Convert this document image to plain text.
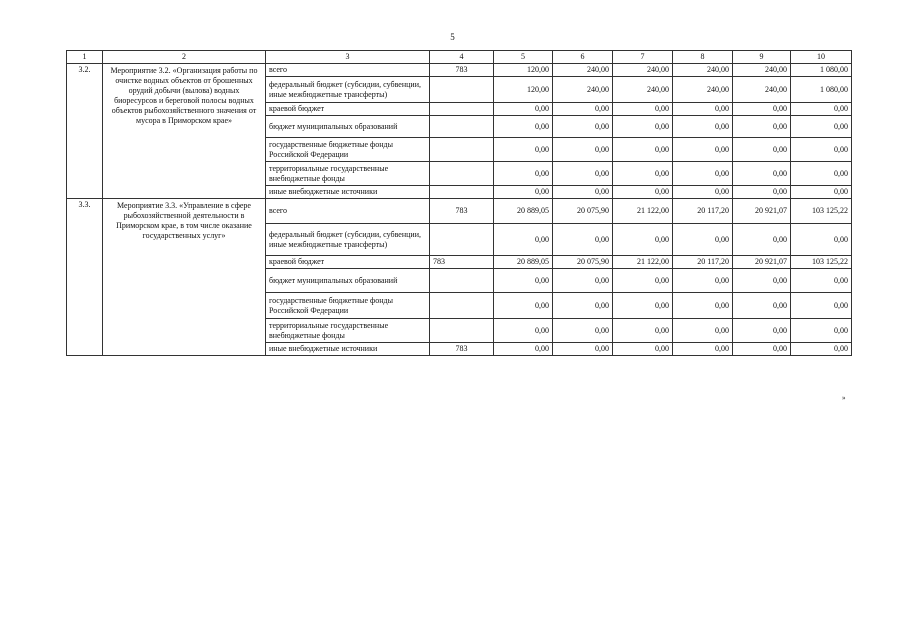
5
1	2	3	4	5	6	7	8	9	10
3.2.	Мероприятие 3.2. «Организация работы по очистке водных объектов от брошенных орудий добычи (вылова) водных биоресурсов и береговой полосы водных объектов рыбохозяйственного значения от мусора в Приморском крае»	всего	783	120,00	240,00	240,00	240,00	240,00	1 080,00
		федеральный бюджет (субсидии, субвенции, иные межбюджетные трансферты)		120,00	240,00	240,00	240,00	240,00	1 080,00
		краевой бюджет		0,00	0,00	0,00	0,00	0,00	0,00
		бюджет муниципальных образований		0,00	0,00	0,00	0,00	0,00	0,00
		государственные бюджетные фонды Российской Федерации		0,00	0,00	0,00	0,00	0,00	0,00
		территориальные государственные внебюджетные фонды		0,00	0,00	0,00	0,00	0,00	0,00
		иные внебюджетные источники		0,00	0,00	0,00	0,00	0,00	0,00
3.3.	Мероприятие 3.3. «Управление в сфере рыбохозяйственной деятельности в Приморском крае, в том числе оказание государственных услуг»	всего	783	20 889,05	20 075,90	21 122,00	20 117,20	20 921,07	103 125,22
		федеральный бюджет (субсидии, субвенции, иные межбюджетные трансферты)		0,00	0,00	0,00	0,00	0,00	0,00
		краевой бюджет	783	20 889,05	20 075,90	21 122,00	20 117,20	20 921,07	103 125,22
		бюджет муниципальных образований		0,00	0,00	0,00	0,00	0,00	0,00
		государственные бюджетные фонды Российской Федерации		0,00	0,00	0,00	0,00	0,00	0,00
		территориальные государственные внебюджетные фонды		0,00	0,00	0,00	0,00	0,00	0,00
		иные внебюджетные источники	783	0,00	0,00	0,00	0,00	0,00	0,00
»
